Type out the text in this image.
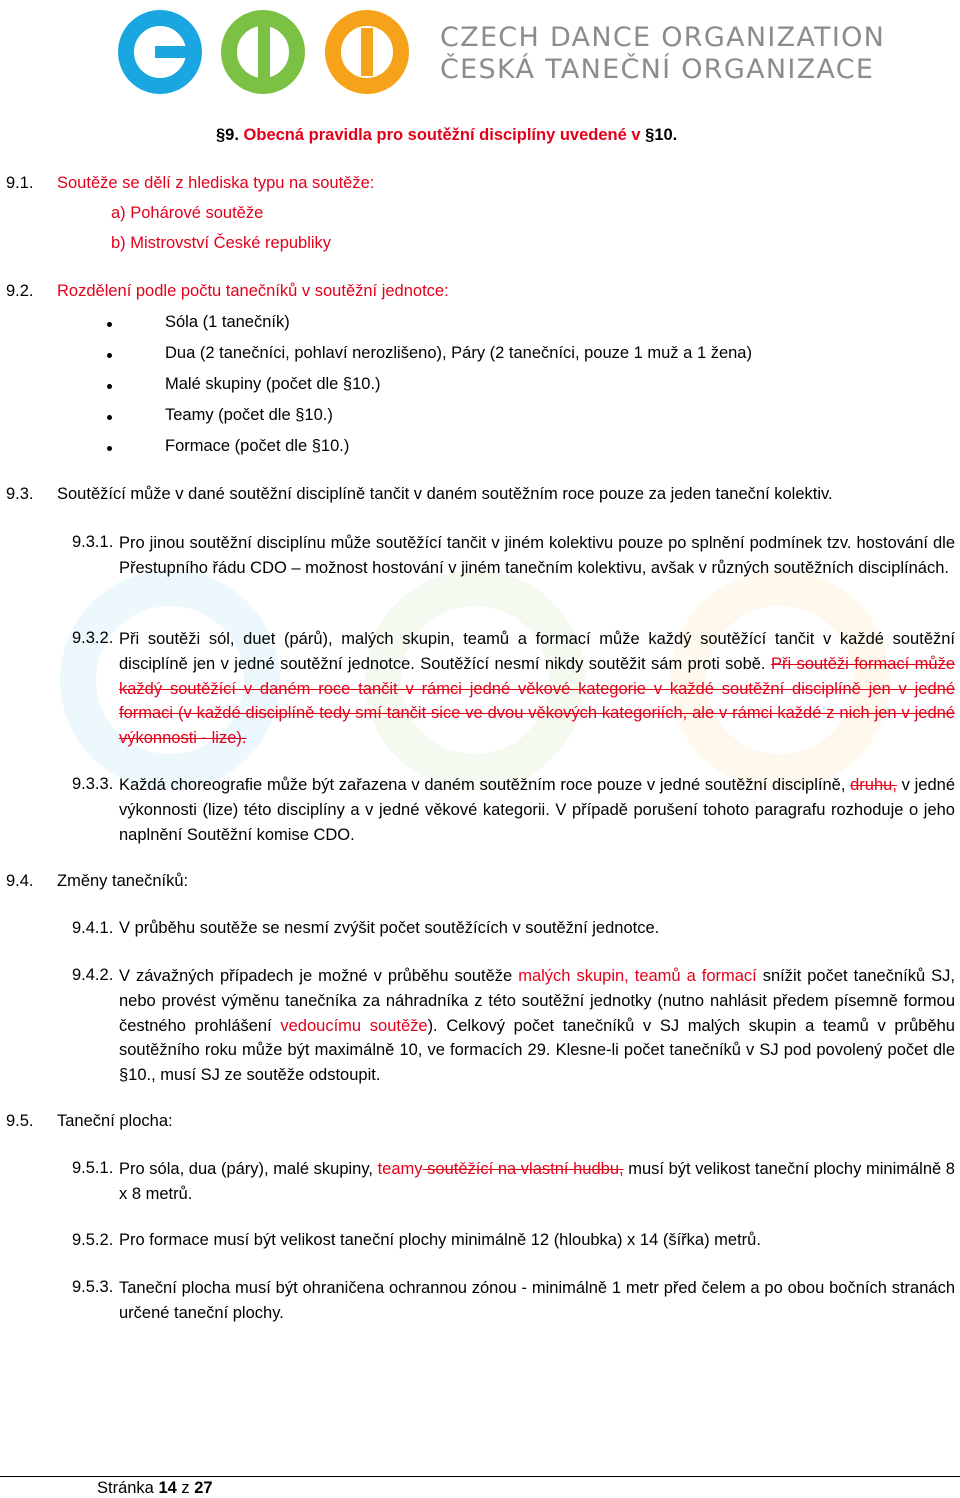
CZECH DANCE ORGANIZATION
ČESKÁ TANEČNÍ ORGANIZACE
§9. Obecná pravidla pro soutěžní disciplíny uvedené v §10.
9.1. Soutěže se dělí z hlediska typu na soutěže:
a) Pohárové soutěže
b) Mistrovství České republiky
9.2. Rozdělení podle počtu tanečníků v soutěžní jednotce:
Sóla (1 tanečník)
Dua (2 tanečníci, pohlaví nerozlišeno), Páry (2 tanečníci, pouze 1 muž a 1 žena)
Malé skupiny (počet dle §10.)
Teamy (počet dle §10.)
Formace (počet dle §10.)
9.3. Soutěžící může v dané soutěžní disciplíně tančit v daném soutěžním roce pouze za jeden taneční kolektiv.
9.3.1. Pro jinou soutěžní disciplínu může soutěžící tančit v jiném kolektivu pouze po splnění podmínek tzv. hostování dle Přestupního řádu CDO – možnost hostování v jiném tanečním kolektivu, avšak v různých soutěžních disciplínách.
9.3.2. Při soutěži sól, duet (párů), malých skupin, teamů a formací může každý soutěžící tančit v každé soutěžní disciplíně jen v jedné soutěžní jednotce. Soutěžící nesmí nikdy soutěžit sám proti sobě. Při soutěži formací může každý soutěžící v daném roce tančit v rámci jedné věkové kategorie v každé soutěžní disciplíně jen v jedné formaci (v každé disciplíně tedy smí tančit sice ve dvou věkových kategoriích, ale v rámci každé z nich jen v jedné výkonnosti - lize).
9.3.3. Každá choreografie může být zařazena v daném soutěžním roce pouze v jedné soutěžní disciplíně, druhu, v jedné výkonnosti (lize) této disciplíny a v jedné věkové kategorii. V případě porušení tohoto paragrafu rozhoduje o jeho naplnění Soutěžní komise CDO.
9.4. Změny tanečníků:
9.4.1. V průběhu soutěže se nesmí zvýšit počet soutěžících v soutěžní jednotce.
9.4.2. V závažných případech je možné v průběhu soutěže malých skupin, teamů a formací snížit počet tanečníků SJ, nebo provést výměnu tanečníka za náhradníka z této soutěžní jednotky (nutno nahlásit předem písemně formou čestného prohlášení vedoucímu soutěže). Celkový počet tanečníků v SJ malých skupin a teamů v průběhu soutěžního roku může být maximálně 10, ve formacích 29. Klesne-li počet tanečníků v SJ pod povolený počet dle §10., musí SJ ze soutěže odstoupit.
9.5. Taneční plocha:
9.5.1. Pro sóla, dua (páry), malé skupiny, teamy soutěžící na vlastní hudbu, musí být velikost taneční plochy minimálně 8 x 8 metrů.
9.5.2. Pro formace musí být velikost taneční plochy minimálně 12 (hloubka) x 14 (šířka) metrů.
9.5.3. Taneční plocha musí být ohraničena ochrannou zónou - minimálně 1 metr před čelem a po obou bočních stranách určené taneční plochy.
Stránka 14 z 27
